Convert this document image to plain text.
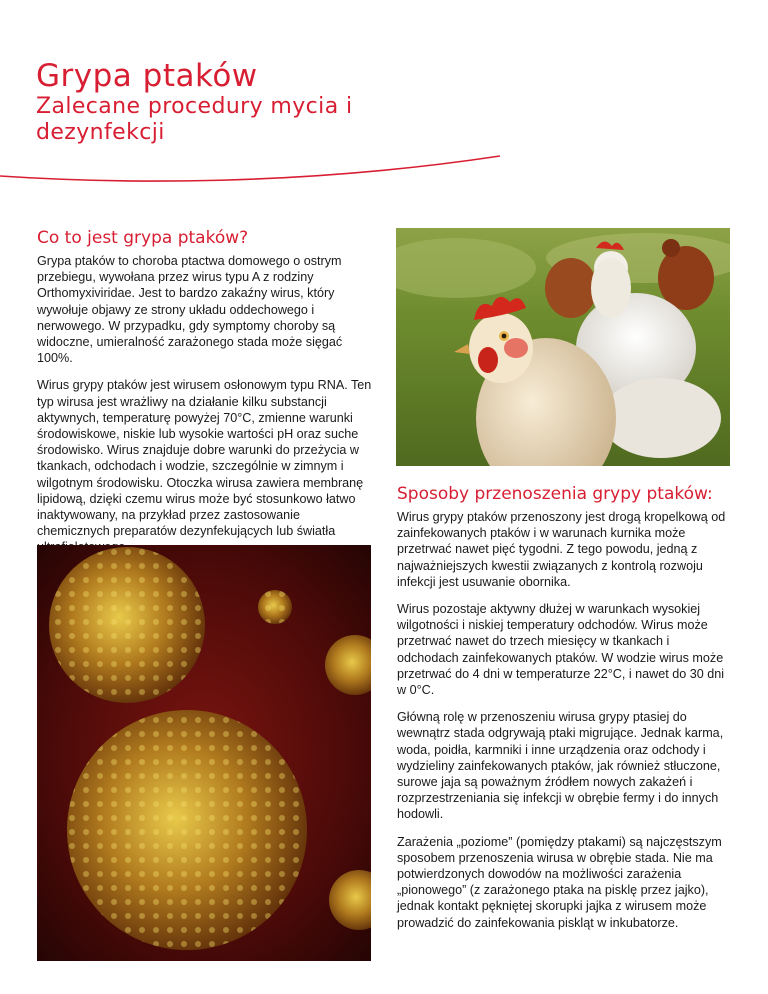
Grypa ptaków
Zalecane procedury mycia i dezynfekcji
Co to jest grypa ptaków?

Grypa ptaków to choroba ptactwa domowego o ostrym przebiegu, wywołana przez wirus typu A z rodziny Orthomyxiviridae. Jest to bardzo zakaźny wirus, który wywołuje objawy ze strony układu oddechowego i nerwowego. W przypadku, gdy symptomy choroby są widoczne, umieralność zarażonego stada może sięgać 100%.

Wirus grypy ptaków jest wirusem osłonowym typu RNA. Ten typ wirusa jest wrażliwy na działanie kilku substancji aktywnych, temperaturę powyżej 70°C, zmienne warunki środowiskowe, niskie lub wysokie wartości pH oraz suche środowisko. Wirus znajduje dobre warunki do przeżycia w tkankach, odchodach i wodzie, szczególnie w zimnym i wilgotnym środowisku. Otoczka wirusa zawiera membranę lipidową, dzięki czemu wirus może być stosunkowo łatwo inaktywowany, na przykład przez zastosowanie chemicznych preparatów dezynfekujących lub światła

Sposoby przenoszenia grypy ptaków:

Wirus grypy ptaków przenoszony jest drogą kropelkową od zainfekowanych ptaków i w warunach kurnika może przetrwać nawet pięć tygodni. Z tego powodu, jedną z najważniejszych kwestii związanych z kontrolą rozwoju infekcji jest usuwanie obornika.

Wirus pozostaje aktywny dłużej w warunkach wysokiej wilgotności i niskiej temperatury odchodów. Wirus może przetrwać nawet do trzech miesięcy w tkankach i odchodach zainfekowanych ptaków. W wodzie wirus może przetrwać do 4 dni w temperaturze 22°C, i nawet do 30 dni w 0°C.

Główną rolę w przenoszeniu wirusa grypy ptasiej do wewnątrz stada odgrywają ptaki migrujące. Jednak karma, woda, poidła, karmniki i inne urządzenia oraz odchody i wydzieliny zainfekowanych ptaków, jak również stłuczone, surowe jaja są poważnym źródłem nowych zakażeń i rozprzestrzeniania się infekcji w obrębie fermy i do innych hodowli.

Zarażenia „poziome” (pomiędzy ptakami) są najczęstszym sposobem przenoszenia wirusa w obrębie stada. Nie ma potwierdzonych dowodów na możliwości zarażenia „pionowego” (z zarażonego ptaka na pisklę przez jajko), jednak kontakt pękniętej skorupki jajka z wirusem może prowadzić do zainfekowania piskląt w inkubatorze.
